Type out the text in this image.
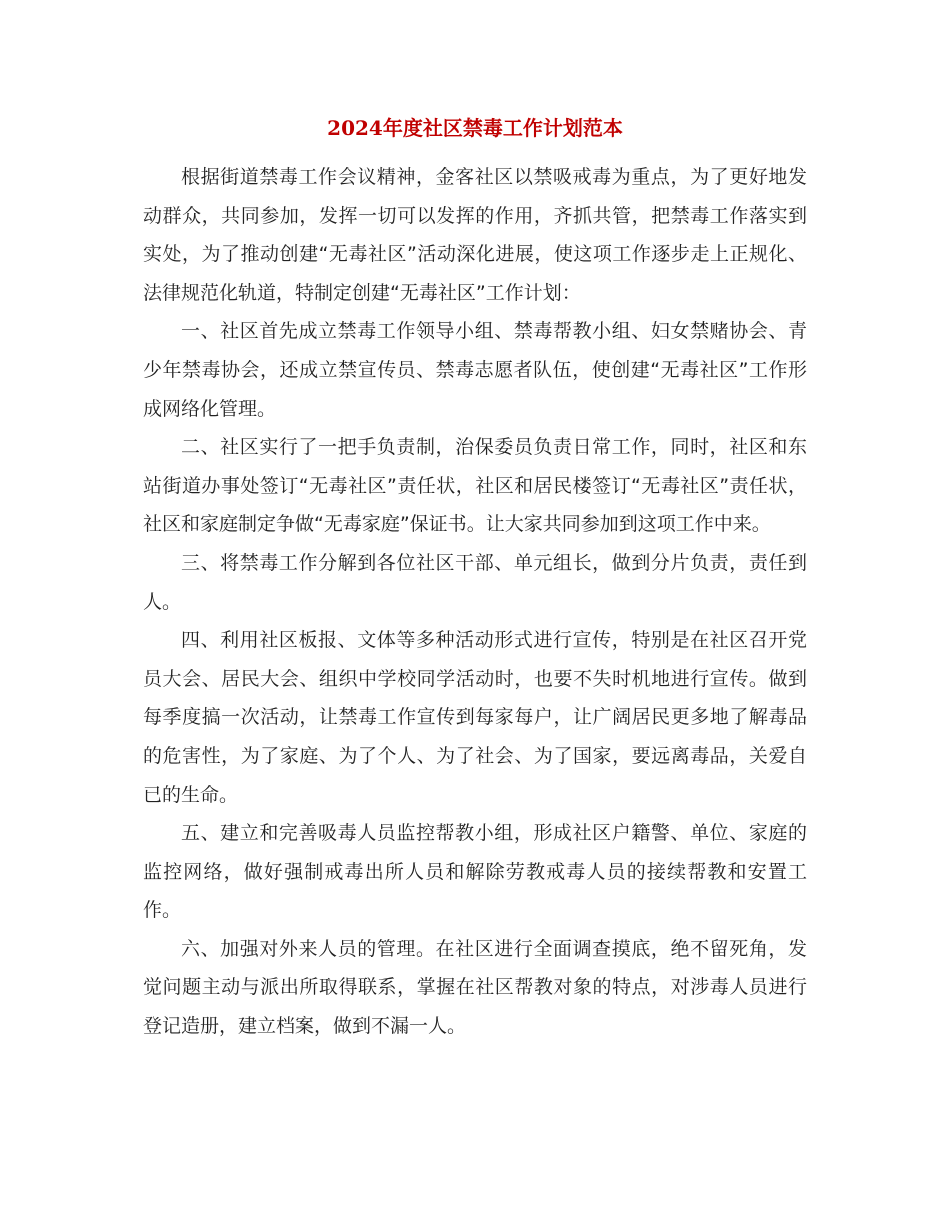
2024年度社区禁毒工作计划范本

根据街道禁毒工作会议精神，金客社区以禁吸戒毒为重点，为了更好地发动群众，共同参加，发挥一切可以发挥的作用，齐抓共管，把禁毒工作落实到实处，为了推动创建“无毒社区”活动深化进展，使这项工作逐步走上正规化、法律规范化轨道，特制定创建“无毒社区”工作计划：

一、社区首先成立禁毒工作领导小组、禁毒帮教小组、妇女禁赌协会、青少年禁毒协会，还成立禁宣传员、禁毒志愿者队伍，使创建“无毒社区”工作形成网络化管理。

二、社区实行了一把手负责制，治保委员负责日常工作，同时，社区和东站街道办事处签订“无毒社区”责任状，社区和居民楼签订“无毒社区”责任状，社区和家庭制定争做“无毒家庭”保证书。让大家共同参加到这项工作中来。

三、将禁毒工作分解到各位社区干部、单元组长，做到分片负责，责任到人。

四、利用社区板报、文体等多种活动形式进行宣传，特别是在社区召开党员大会、居民大会、组织中学校同学活动时，也要不失时机地进行宣传。做到每季度搞一次活动，让禁毒工作宣传到每家每户，让广阔居民更多地了解毒品的危害性，为了家庭、为了个人、为了社会、为了国家，要远离毒品，关爱自已的生命。

五、建立和完善吸毒人员监控帮教小组，形成社区户籍警、单位、家庭的监控网络，做好强制戒毒出所人员和解除劳教戒毒人员的接续帮教和安置工作。

六、加强对外来人员的管理。在社区进行全面调查摸底，绝不留死角，发觉问题主动与派出所取得联系，掌握在社区帮教对象的特点，对涉毒人员进行登记造册，建立档案，做到不漏一人。
